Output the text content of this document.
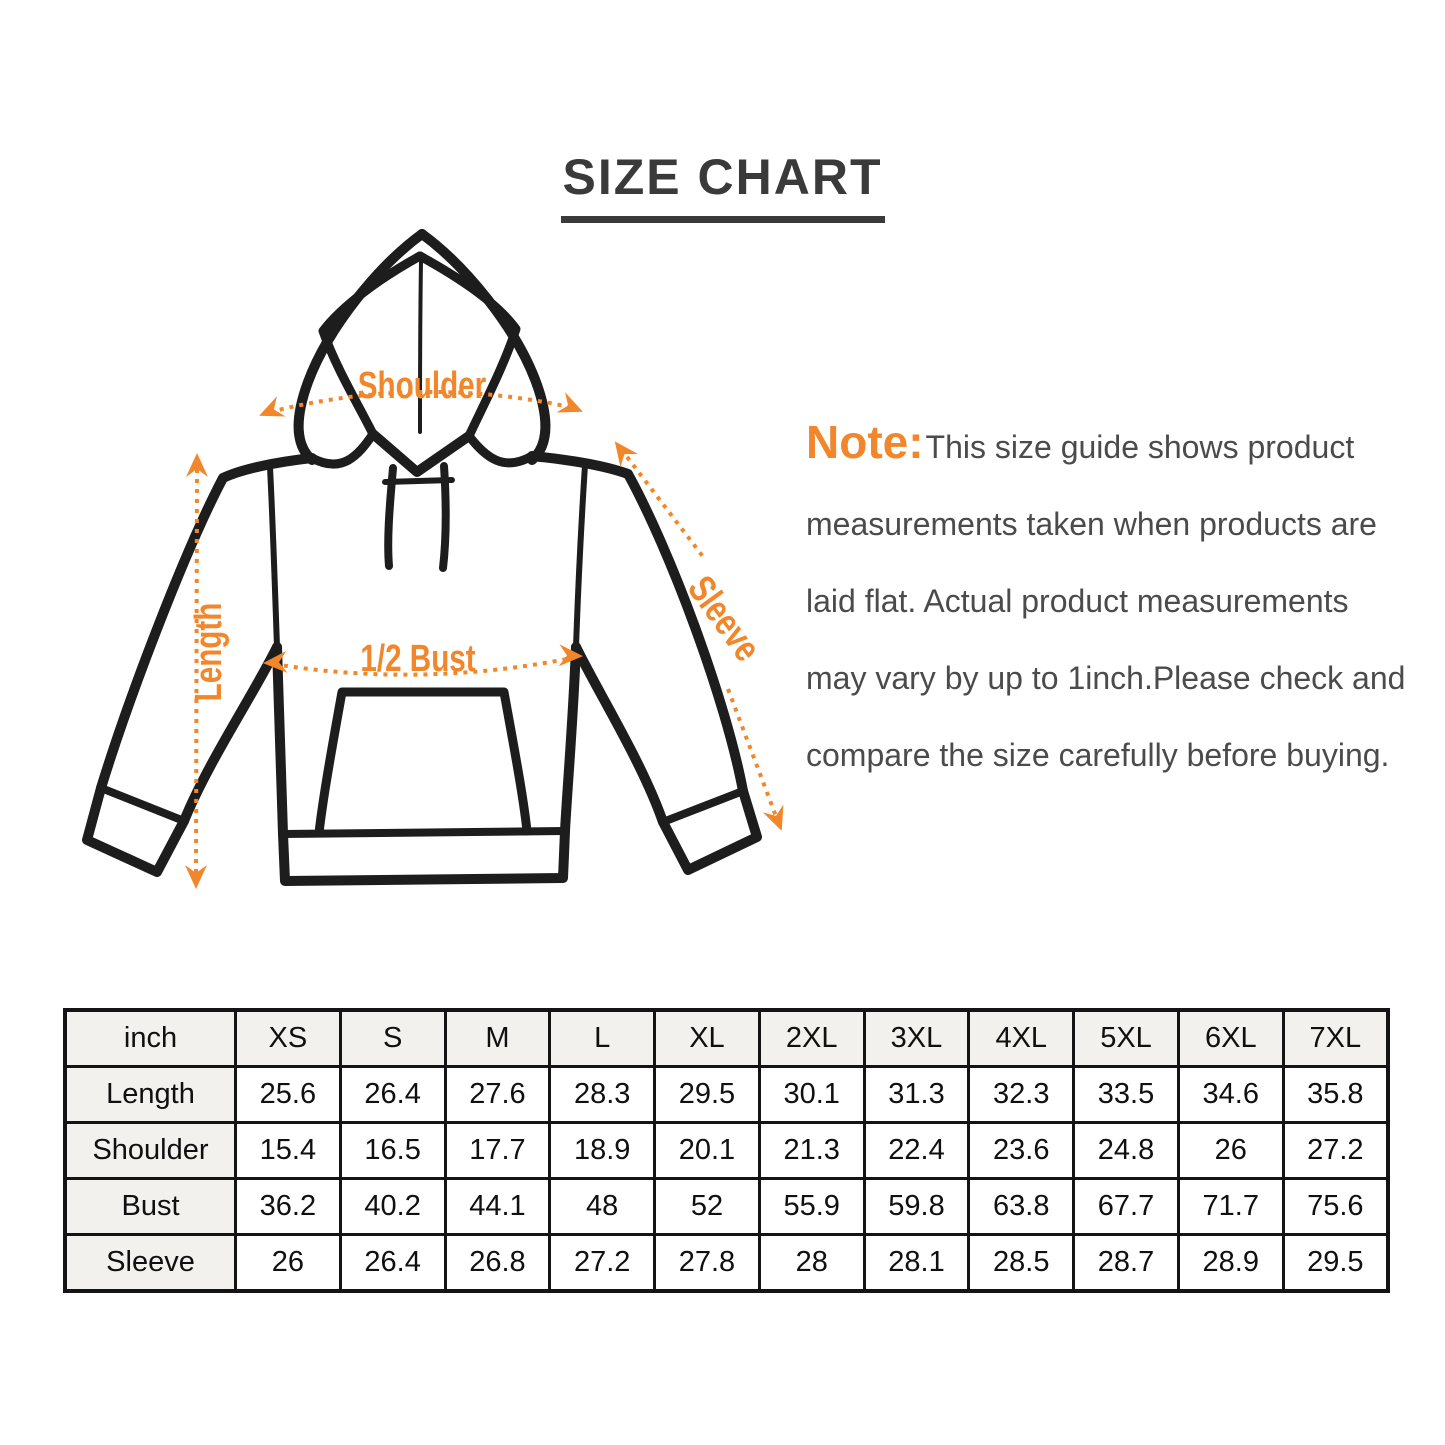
SIZE CHART
Shoulder
Length	1/2 Bust	Sleeve
Note:This size guide shows product
measurements taken when products are
laid flat. Actual product measurements
may vary by up to 1inch.Please check and
compare the size carefully before buying.
inch	XS	S	M	L	XL	2XL	3XL	4XL	5XL	6XL	7XL
Length	25.6	26.4	27.6	28.3	29.5	30.1	31.3	32.3	33.5	34.6	35.8
Shoulder	15.4	16.5	17.7	18.9	20.1	21.3	22.4	23.6	24.8	26	27.2
Bust	36.2	40.2	44.1	48	52	55.9	59.8	63.8	67.7	71.7	75.6
Sleeve	26	26.4	26.8	27.2	27.8	28	28.1	28.5	28.7	28.9	29.5
